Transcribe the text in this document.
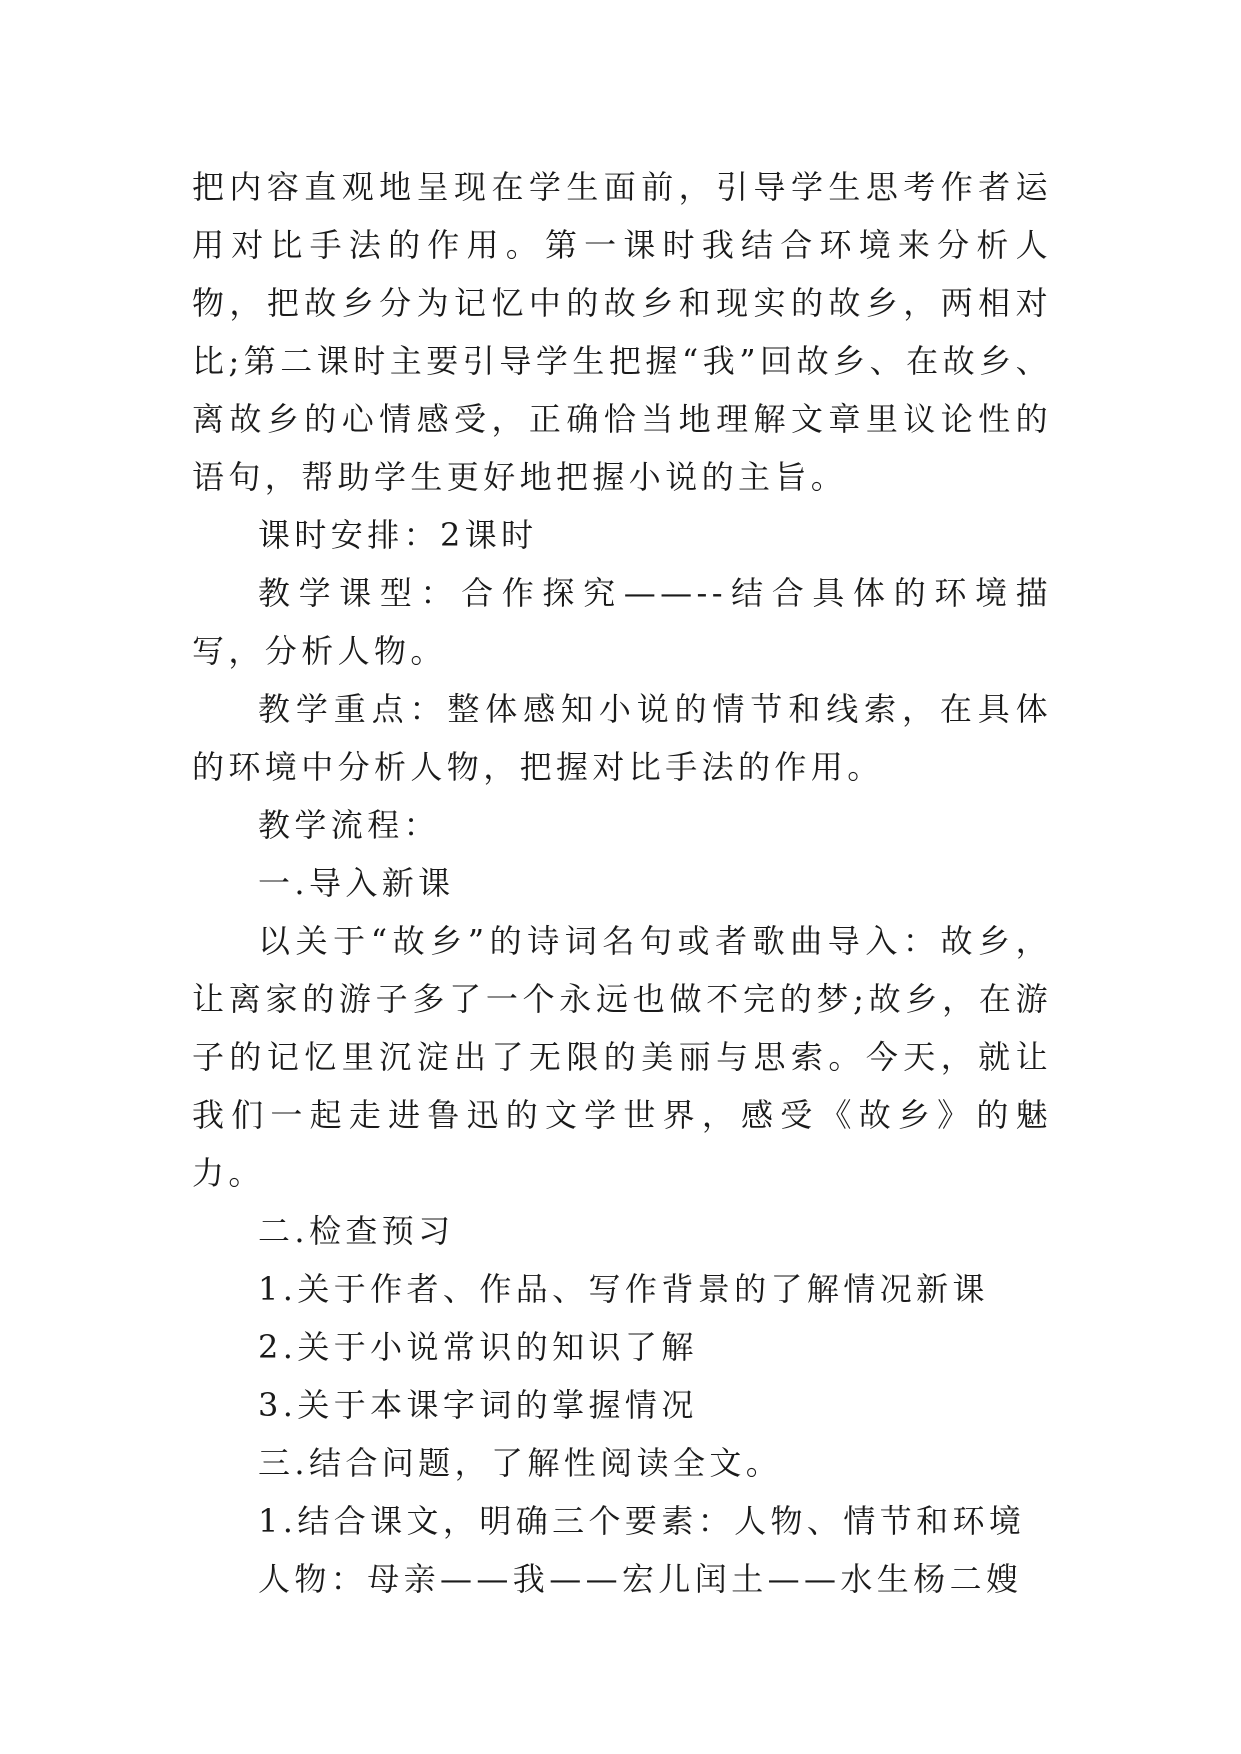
把内容直观地呈现在学生面前，引导学生思考作者运用对比手法的作用。第一课时我结合环境来分析人物，把故乡分为记忆中的故乡和现实的故乡，两相对比;第二课时主要引导学生把握“我”回故乡、在故乡、离故乡的心情感受，正确恰当地理解文章里议论性的语句，帮助学生更好地把握小说的主旨。

课时安排：2课时

教学课型：合作探究——--结合具体的环境描写，分析人物。

教学重点：整体感知小说的情节和线索，在具体的环境中分析人物，把握对比手法的作用。

教学流程：

一.导入新课

以关于“故乡”的诗词名句或者歌曲导入：故乡，让离家的游子多了一个永远也做不完的梦;故乡，在游子的记忆里沉淀出了无限的美丽与思索。今天，就让我们一起走进鲁迅的文学世界，感受《故乡》的魅力。

二.检查预习

1.关于作者、作品、写作背景的了解情况新课

2.关于小说常识的知识了解

3.关于本课字词的掌握情况

三.结合问题，了解性阅读全文。

1.结合课文，明确三个要素：人物、情节和环境

人物：母亲——我——宏儿闰土——水生杨二嫂
